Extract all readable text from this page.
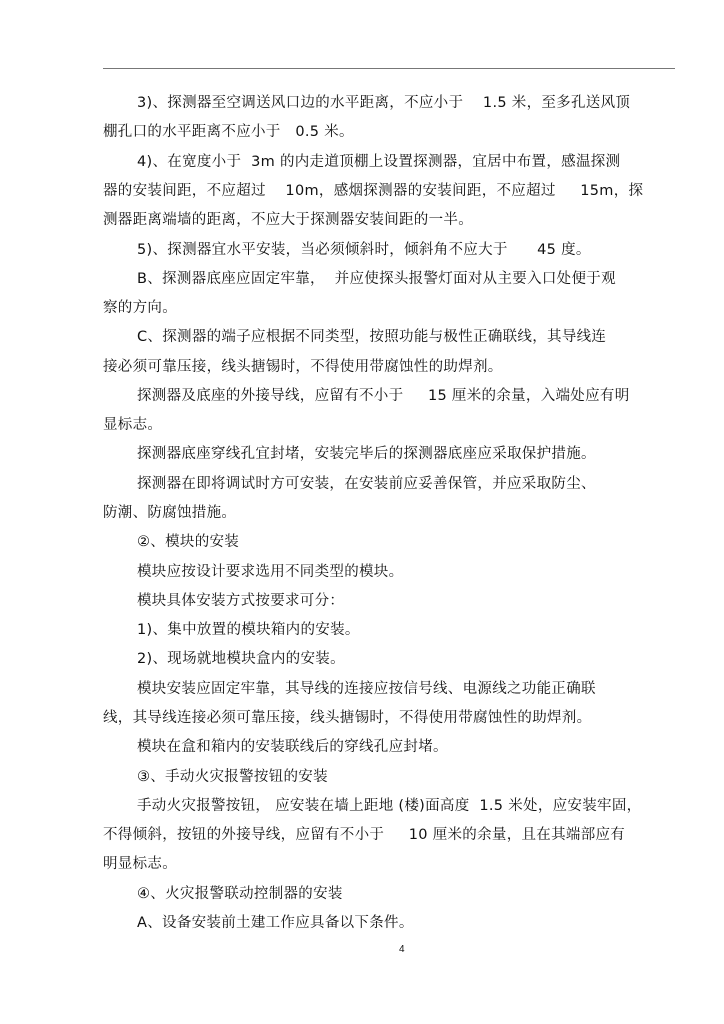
3)、探测器至空调送风口边的水平距离，不应小于    1.5 米，至多孔送风顶
棚孔口的水平距离不应小于   0.5 米。
4)、在宽度小于  3m 的内走道顶棚上设置探测器，宜居中布置，感温探测
器的安装间距，不应超过    10m，感烟探测器的安装间距，不应超过     15m，探
测器距离端墙的距离，不应大于探测器安装间距的一半。
5)、探测器宜水平安装，当必须倾斜时，倾斜角不应大于      45 度。
B、探测器底座应固定牢靠，  并应使探头报警灯面对从主要入口处便于观
察的方向。
C、探测器的端子应根据不同类型，按照功能与极性正确联线，其导线连
接必须可靠压接，线头搪锡时，不得使用带腐蚀性的助焊剂。
探测器及底座的外接导线，应留有不小于     15 厘米的余量，入端处应有明
显标志。
探测器底座穿线孔宜封堵，安装完毕后的探测器底座应采取保护措施。
探测器在即将调试时方可安装，在安装前应妥善保管，并应采取防尘、
防潮、防腐蚀措施。
②、模块的安装
模块应按设计要求选用不同类型的模块。
模块具体安装方式按要求可分：
1)、集中放置的模块箱内的安装。
2)、现场就地模块盒内的安装。
模块安装应固定牢靠，其导线的连接应按信号线、电源线之功能正确联
线，其导线连接必须可靠压接，线头搪锡时，不得使用带腐蚀性的助焊剂。
模块在盒和箱内的安装联线后的穿线孔应封堵。
③、手动火灾报警按钮的安装
手动火灾报警按钮， 应安装在墙上距地 (楼)面高度  1.5 米处，应安装牢固，
不得倾斜，按钮的外接导线，应留有不小于     10 厘米的余量，且在其端部应有
明显标志。
④、火灾报警联动控制器的安装
A、设备安装前土建工作应具备以下条件。
4
